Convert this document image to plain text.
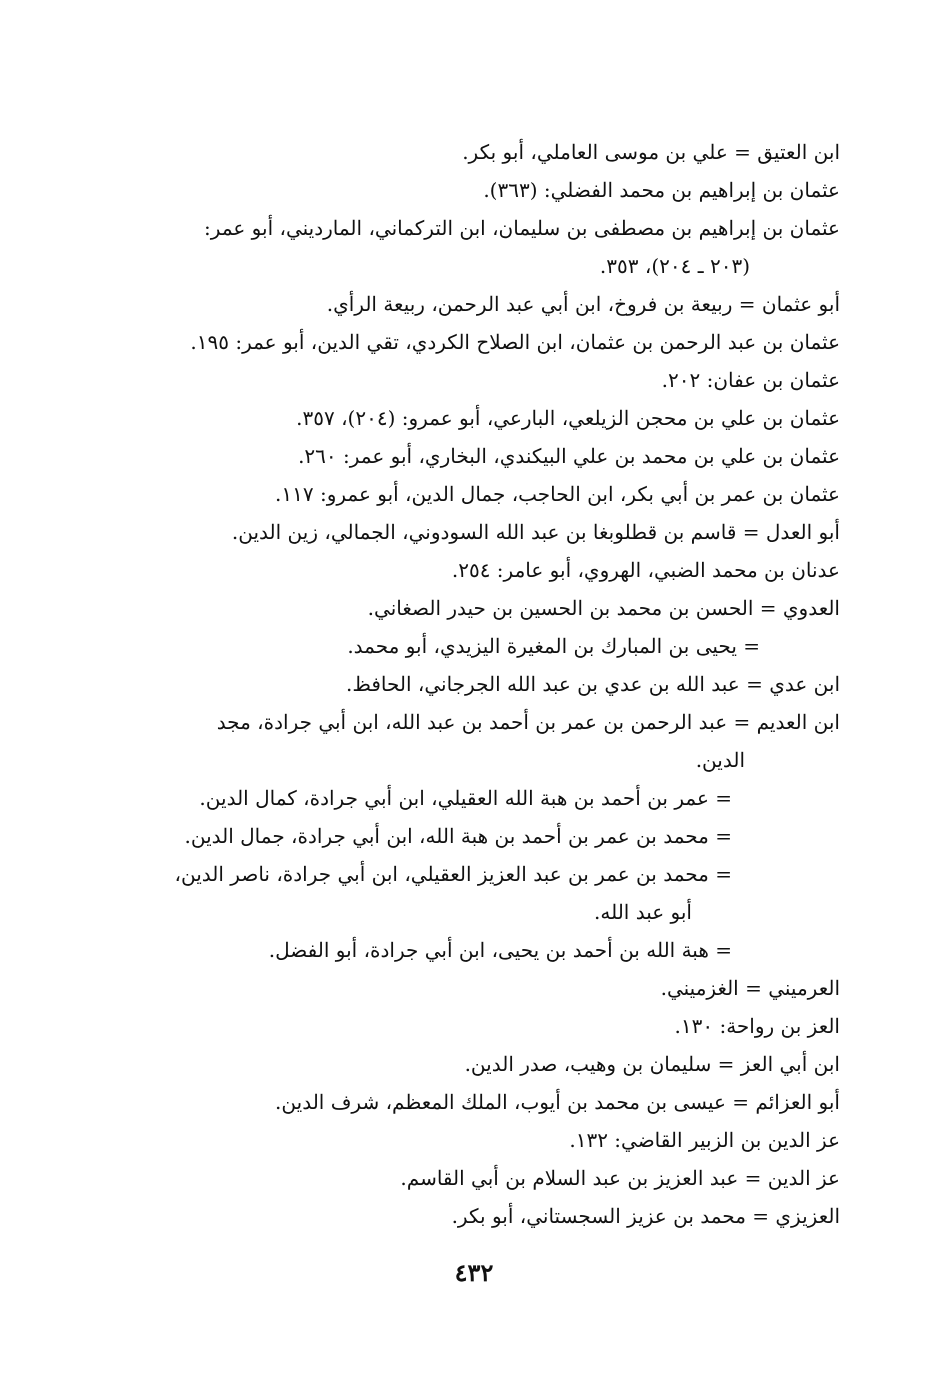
ابن العتيق = علي بن موسى العاملي، أبو بكر.
عثمان بن إبراهيم بن محمد الفضلي: (٣٦٣).
عثمان بن إبراهيم بن مصطفى بن سليمان، ابن التركماني، المارديني، أبو عمر:
(٢٠٣ ـ ٢٠٤)، ٣٥٣.
أبو عثمان = ربيعة بن فروخ، ابن أبي عبد الرحمن، ربيعة الرأي.
عثمان بن عبد الرحمن بن عثمان، ابن الصلاح الكردي، تقي الدين، أبو عمر: ١٩٥.
عثمان بن عفان: ٢٠٢.
عثمان بن علي بن محجن الزيلعي، البارعي، أبو عمرو: (٢٠٤)، ٣٥٧.
عثمان بن علي بن محمد بن علي البيكندي، البخاري، أبو عمر: ٢٦٠.
عثمان بن عمر بن أبي بكر، ابن الحاجب، جمال الدين، أبو عمرو: ١١٧.
أبو العدل = قاسم بن قطلوبغا بن عبد الله السودوني، الجمالي، زين الدين.
عدنان بن محمد الضبي، الهروي، أبو عامر: ٢٥٤.
العدوي = الحسن بن محمد بن الحسين بن حيدر الصغاني.
= يحيى بن المبارك بن المغيرة اليزيدي، أبو محمد.
ابن عدي = عبد الله بن عدي بن عبد الله الجرجاني، الحافظ.
ابن العديم = عبد الرحمن بن عمر بن أحمد بن عبد الله، ابن أبي جرادة، مجد
الدين.
= عمر بن أحمد بن هبة الله العقيلي، ابن أبي جرادة، كمال الدين.
= محمد بن عمر بن أحمد بن هبة الله، ابن أبي جرادة، جمال الدين.
= محمد بن عمر بن عبد العزيز العقيلي، ابن أبي جرادة، ناصر الدين،
أبو عبد الله.
= هبة الله بن أحمد بن يحيى، ابن أبي جرادة، أبو الفضل.
العرميني = الغزميني.
العز بن رواحة: ١٣٠.
ابن أبي العز = سليمان بن وهيب، صدر الدين.
أبو العزائم = عيسى بن محمد بن أيوب، الملك المعظم، شرف الدين.
عز الدين بن الزبير القاضي: ١٣٢.
عز الدين = عبد العزيز بن عبد السلام بن أبي القاسم.
العزيزي = محمد بن عزيز السجستاني، أبو بكر.
٤٣٢
